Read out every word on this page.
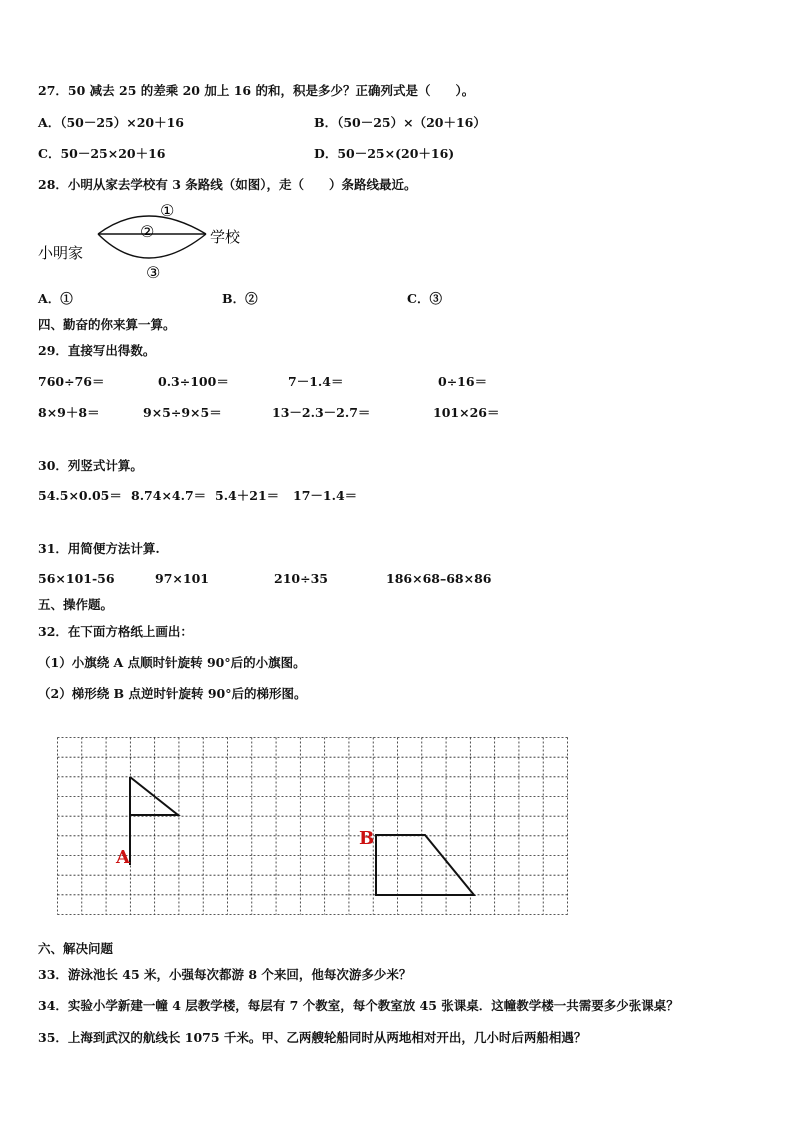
27．50 减去 25 的差乘 20 加上 16 的和，积是多少？正确列式是（　　）。
A．（50－25）×20＋16	B．（50－25）×（20＋16）
C．50－25×20＋16	D．50－25×(20＋16)
28．小明从家去学校有 3 条路线（如图），走（　　）条路线最近。
①
②
③
小明家
学校
A．①	B．②	C．③
四、勤奋的你来算一算。
29．直接写出得数。
760÷76＝	0.3÷100＝	7－1.4＝	0÷16＝
8×9＋8＝	9×5÷9×5＝	13－2.3－2.7＝	101×26＝
30．列竖式计算。
54.5×0.05＝ 8.74×4.7＝ 5.4＋21＝ 17－1.4＝
31．用简便方法计算.
56×101-56	97×101	210÷35	186×68–68×86
五、操作题。
32．在下面方格纸上画出：
（1）小旗绕 A 点顺时针旋转 90°后的小旗图。
（2）梯形绕 B 点逆时针旋转 90°后的梯形图。
A
B
六、解决问题
33．游泳池长 45 米，小强每次都游 8 个来回，他每次游多少米？
34．实验小学新建一幢 4 层教学楼，每层有 7 个教室，每个教室放 45 张课桌．这幢教学楼一共需要多少张课桌？
35．上海到武汉的航线长 1075 千米。甲、乙两艘轮船同时从两地相对开出，几小时后两船相遇？
